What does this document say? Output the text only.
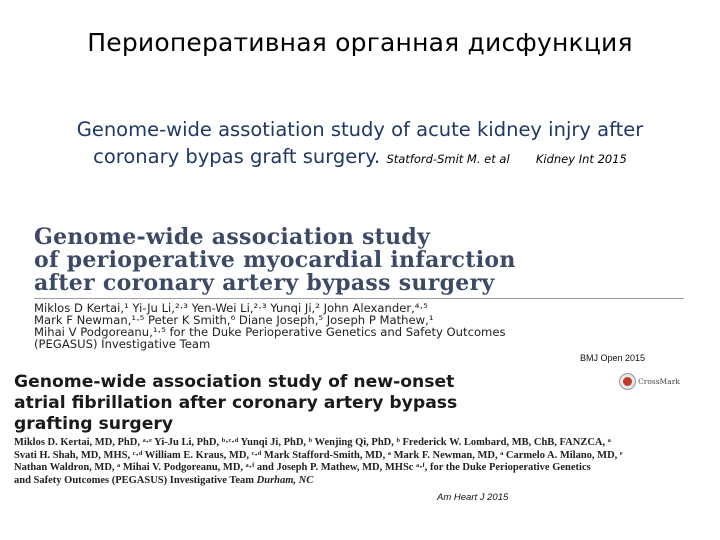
Периоперативная органная дисфункция
Genome-wide assotiation study of acute kidney injry after
coronary bypas graft surgery. Statford-Smit M. et al Kidney Int 2015
Genome-wide association study
of perioperative myocardial infarction
after coronary artery bypass surgery
Miklos D Kertai,¹ Yi-Ju Li,²·³ Yen-Wei Li,²·³ Yunqi Ji,² John Alexander,⁴·⁵
Mark F Newman,¹·⁵ Peter K Smith,⁶ Diane Joseph,⁵ Joseph P Mathew,¹
Mihai V Podgoreanu,¹·⁵ for the Duke Perioperative Genetics and Safety Outcomes
(PEGASUS) Investigative Team
BMJ Open 2015
Genome-wide association study of new-onset
atrial fibrillation after coronary artery bypass
grafting surgery
CrossMark
Miklos D. Kertai, MD, PhD, ᵃ·ᵉ Yi-Ju Li, PhD, ᵇ·ᶜ·ᵈ Yunqi Ji, PhD, ᵇ Wenjing Qi, PhD, ᵇ Frederick W. Lombard, MB, ChB, FANZCA, ᵃ
Svati H. Shah, MD, MHS, ᶜ·ᵈ William E. Kraus, MD, ᶜ·ᵈ Mark Stafford-Smith, MD, ᵃ Mark F. Newman, MD, ᵃ Carmelo A. Milano, MD, ᵉ
Nathan Waldron, MD, ᵃ Mihai V. Podgoreanu, MD, ᵃ·ᶠ and Joseph P. Mathew, MD, MHSc ᵃ·ᶠ, for the Duke Perioperative Genetics
and Safety Outcomes (PEGASUS) Investigative Team Durham, NC
Am Heart J 2015
